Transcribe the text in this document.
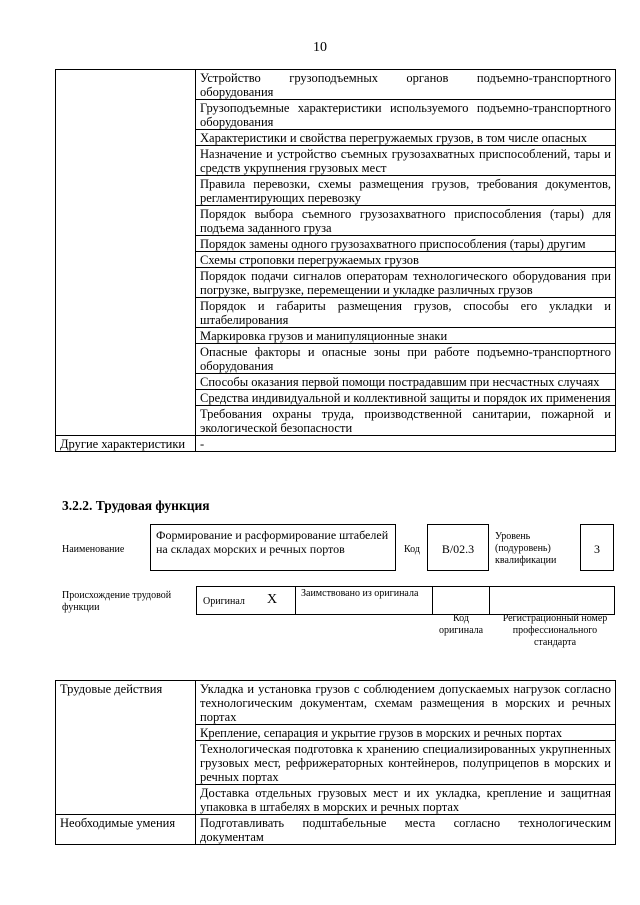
10
	Устройство грузоподъемных органов подъемно-транспортного оборудования
	Грузоподъемные характеристики используемого подъемно-транспортного оборудования
	Характеристики и свойства перегружаемых грузов, в том числе опасных
	Назначение и устройство съемных грузозахватных приспособлений, тары и средств укрупнения грузовых мест
	Правила перевозки, схемы размещения грузов, требования документов, регламентирующих перевозку
	Порядок выбора съемного грузозахватного приспособления (тары) для подъема заданного груза
	Порядок замены одного грузозахватного приспособления (тары) другим
	Схемы строповки перегружаемых грузов
	Порядок подачи сигналов операторам технологического оборудования при погрузке, выгрузке, перемещении и укладке различных грузов
	Порядок и габариты размещения грузов, способы его укладки и штабелирования
	Маркировка грузов и манипуляционные знаки
	Опасные факторы и опасные зоны при работе подъемно-транспортного оборудования
	Способы оказания первой помощи пострадавшим при несчастных случаях
	Средства индивидуальной и коллективной защиты и порядок их применения
	Требования охраны труда, производственной санитарии, пожарной и экологической безопасности
Другие характеристики	-
3.2.2. Трудовая функция
Наименование
Формирование и расформирование штабелей на складах морских и речных портов	Код	B/02.3
Уровень (подуровень) квалификации
3
Происхождение трудовой функции
Оригинал X Заимствовано из оригинала
Код оригинала
Регистрационный номер профессионального стандарта
Трудовые действия	Укладка и установка грузов с соблюдением допускаемых нагрузок согласно технологическим документам, схемам размещения в морских и речных портах
	Крепление, сепарация и укрытие грузов в морских и речных портах
	Технологическая подготовка к хранению специализированных укрупненных грузовых мест, рефрижераторных контейнеров, полуприцепов в морских и речных портах
	Доставка отдельных грузовых мест и их укладка, крепление и защитная упаковка в штабелях в морских и речных портах
Необходимые умения	Подготавливать подштабельные места согласно технологическим документам
